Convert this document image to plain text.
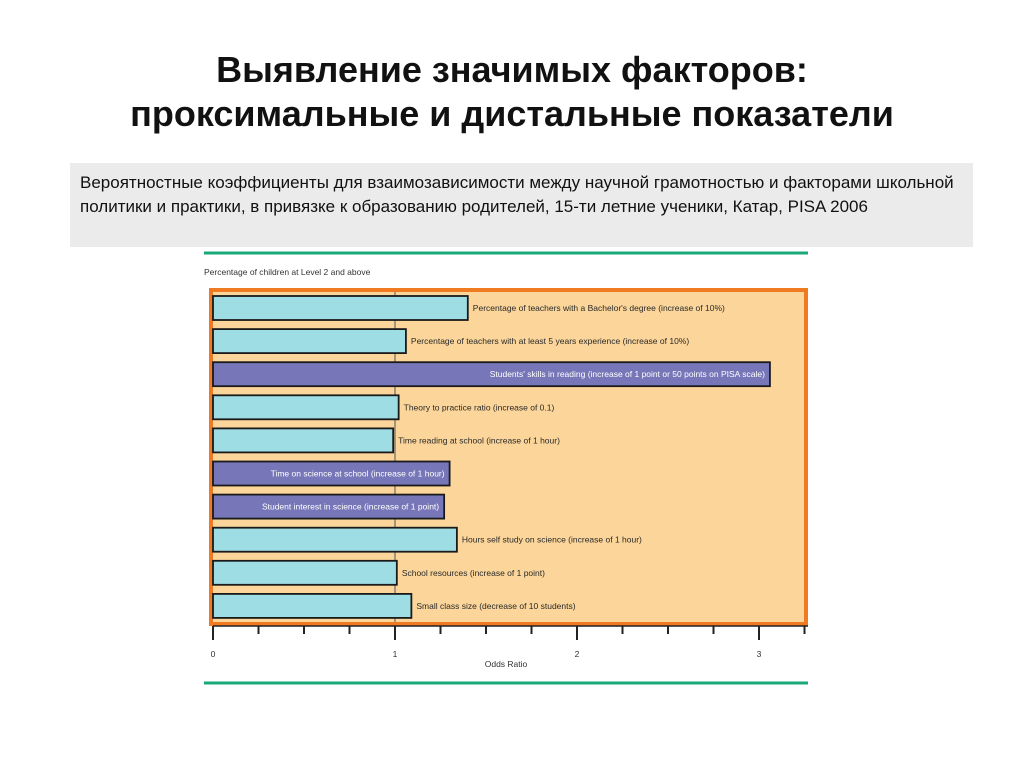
Выявление значимых факторов:
проксимальные и дистальные показатели
Вероятностные коэффициенты для взаимозависимости между научной грамотностью и факторами школьной политики и практики, в привязке к образованию родителей, 15-ти летние ученики, Катар, PISA 2006
Percentage of children at Level 2 and above
Percentage of teachers with a Bachelor's degree (increase of 10%)
Percentage of teachers with at least 5 years experience (increase of 10%)
Students' skills in reading (increase of 1 point or 50 points on PISA scale)
Theory to practice ratio (increase of 0.1)
Time reading at school (increase of 1 hour)
Time on science at school (increase of 1 hour)
Student interest in science (increase of 1 point)
Hours self study on science (increase of 1 hour)
School resources (increase of 1 point)
Small class size (decrease of 10 students)
0	1	2	3
Odds Ratio
